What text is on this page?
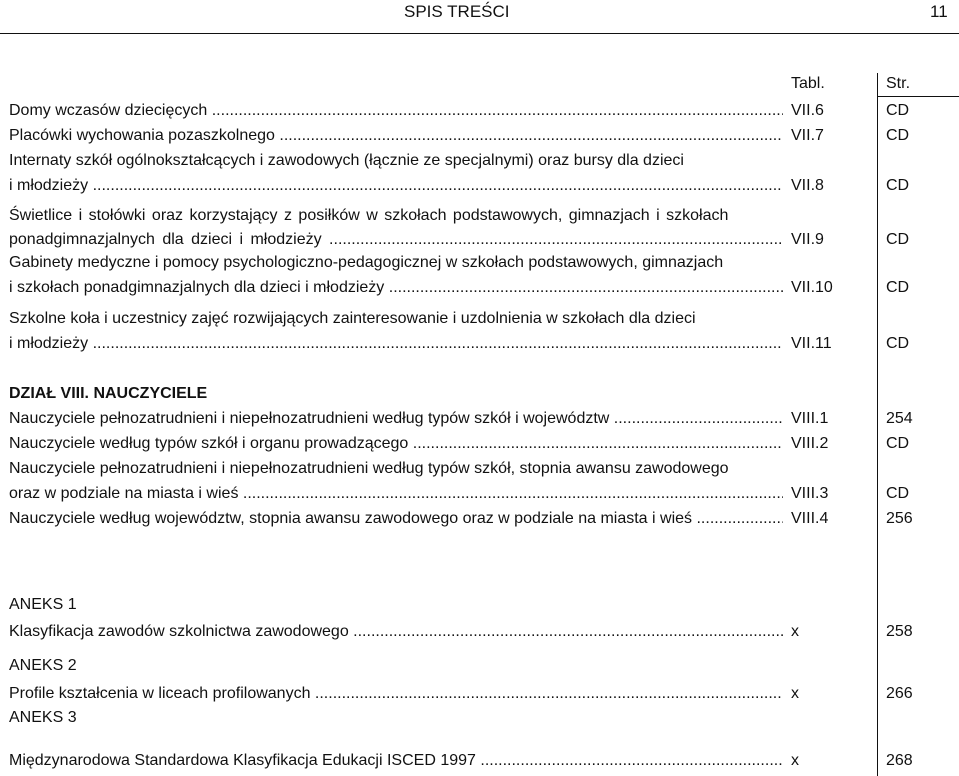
SPIS TREŚCI	11
Tabl.	Str.
Domy wczasów dziecięcych .....	VII.6	CD
Placówki wychowania pozaszkolnego .....	VII.7	CD
Internaty szkół ogólnokształcących i zawodowych (łącznie ze specjalnymi) oraz bursy dla dzieci
i młodzieży .....	VII.8	CD
Świetlice i stołówki oraz korzystający z posiłków w szkołach podstawowych, gimnazjach i szkołach
ponadgimnazjalnych dla dzieci i młodzieży .....	VII.9	CD
Gabinety medyczne i pomocy psychologiczno-pedagogicznej w szkołach podstawowych, gimnazjach
i szkołach ponadgimnazjalnych dla dzieci i młodzieży .....	VII.10	CD
Szkolne koła i uczestnicy zajęć rozwijających zainteresowanie i uzdolnienia w szkołach dla dzieci
i młodzieży .....	VII.11	CD
DZIAŁ VIII. NAUCZYCIELE
Nauczyciele pełnozatrudnieni i niepełnozatrudnieni według typów szkół i województw .....	VIII.1	254
Nauczyciele według typów szkół i organu prowadzącego .....	VIII.2	CD
Nauczyciele pełnozatrudnieni i niepełnozatrudnieni według typów szkół, stopnia awansu zawodowego
oraz w podziale na miasta i wieś .....	VIII.3	CD
Nauczyciele według województw, stopnia awansu zawodowego oraz w podziale na miasta i wieś .....	VIII.4	256
ANEKS 1
Klasyfikacja zawodów szkolnictwa zawodowego .....	x	258
ANEKS 2
Profile kształcenia w liceach profilowanych .....	x	266
ANEKS 3
Międzynarodowa Standardowa Klasyfikacja Edukacji ISCED 1997 .....	x	268
